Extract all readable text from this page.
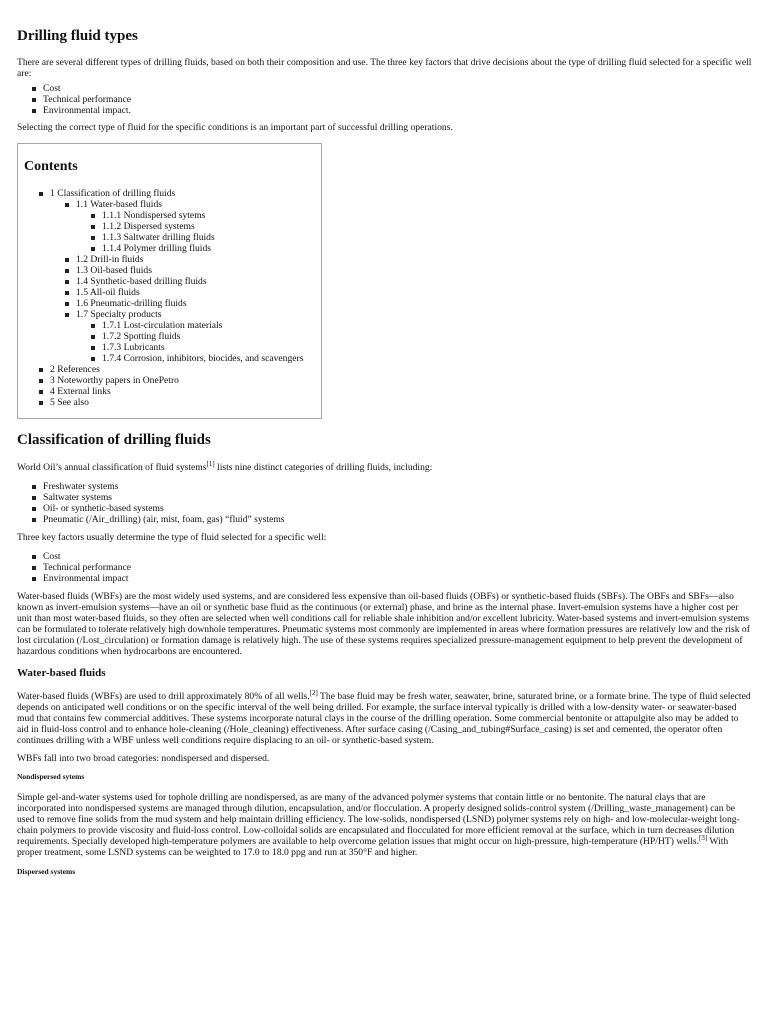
Drilling fluid types

There are several different types of drilling fluids, based on both their composition and use. The three key factors that drive decisions about the type of drilling fluid selected for a specific well are:

Cost
Technical performance
Environmental impact.

Selecting the correct type of fluid for the specific conditions is an important part of successful drilling operations.

Contents
1 Classification of drilling fluids
1.1 Water-based fluids
1.1.1 Nondispersed sytems
1.1.2 Dispersed systems
1.1.3 Saltwater drilling fluids
1.1.4 Polymer drilling fluids
1.2 Drill-in fluids
1.3 Oil-based fluids
1.4 Synthetic-based drilling fluids
1.5 All-oil fluids
1.6 Pneumatic-drilling fluids
1.7 Specialty products
1.7.1 Lost-circulation materials
1.7.2 Spotting fluids
1.7.3 Lubricants
1.7.4 Corrosion, inhibitors, biocides, and scavengers
2 References
3 Noteworthy papers in OnePetro
4 External links
5 See also
Classification of drilling fluids

World Oil’s annual classification of fluid systems[1] lists nine distinct categories of drilling fluids, including:

Freshwater systems
Saltwater systems
Oil- or synthetic-based systems
Pneumatic (/Air_drilling) (air, mist, foam, gas) “fluid” systems

Three key factors usually determine the type of fluid selected for a specific well:

Cost
Technical performance
Environmental impact

Water-based fluids (WBFs) are the most widely used systems, and are considered less expensive than oil-based fluids (OBFs) or synthetic-based fluids (SBFs). The OBFs and SBFs—also known as invert-emulsion systems—have an oil or synthetic base fluid as the continuous (or external) phase, and brine as the internal phase. Invert-emulsion systems have a higher cost per unit than most water-based fluids, so they often are selected when well conditions call for reliable shale inhibition and/or excellent lubricity. Water-based systems and invert-emulsion systems can be formulated to tolerate relatively high downhole temperatures. Pneumatic systems most commonly are implemented in areas where formation pressures are relatively low and the risk of lost circulation (/Lost_circulation) or formation damage is relatively high. The use of these systems requires specialized pressure-management equipment to help prevent the development of hazardous conditions when hydrocarbons are encountered.

Water-based fluids

Water-based fluids (WBFs) are used to drill approximately 80% of all wells.[2] The base fluid may be fresh water, seawater, brine, saturated brine, or a formate brine. The type of fluid selected depends on anticipated well conditions or on the specific interval of the well being drilled. For example, the surface interval typically is drilled with a low-density water- or seawater-based mud that contains few commercial additives. These systems incorporate natural clays in the course of the drilling operation. Some commercial bentonite or attapulgite also may be added to aid in fluid-loss control and to enhance hole-cleaning (/Hole_cleaning) effectiveness. After surface casing (/Casing_and_tubing#Surface_casing) is set and cemented, the operator often continues drilling with a WBF unless well conditions require displacing to an oil- or synthetic-based system.

WBFs fall into two broad categories: nondispersed and dispersed.

Nondispersed sytems

Simple gel-and-water systems used for tophole drilling are nondispersed, as are many of the advanced polymer systems that contain little or no bentonite. The natural clays that are incorporated into nondispersed systems are managed through dilution, encapsulation, and/or flocculation. A properly designed solids-control system (/Drilling_waste_management) can be used to remove fine solids from the mud system and help maintain drilling efficiency. The low-solids, nondispersed (LSND) polymer systems rely on high- and low-molecular-weight long-chain polymers to provide viscosity and fluid-loss control. Low-colloidal solids are encapsulated and flocculated for more efficient removal at the surface, which in turn decreases dilution requirements. Specially developed high-temperature polymers are available to help overcome gelation issues that might occur on high-pressure, high-temperature (HP/HT) wells.[3] With proper treatment, some LSND systems can be weighted to 17.0 to 18.0 ppg and run at 350°F and higher.

Dispersed systems
